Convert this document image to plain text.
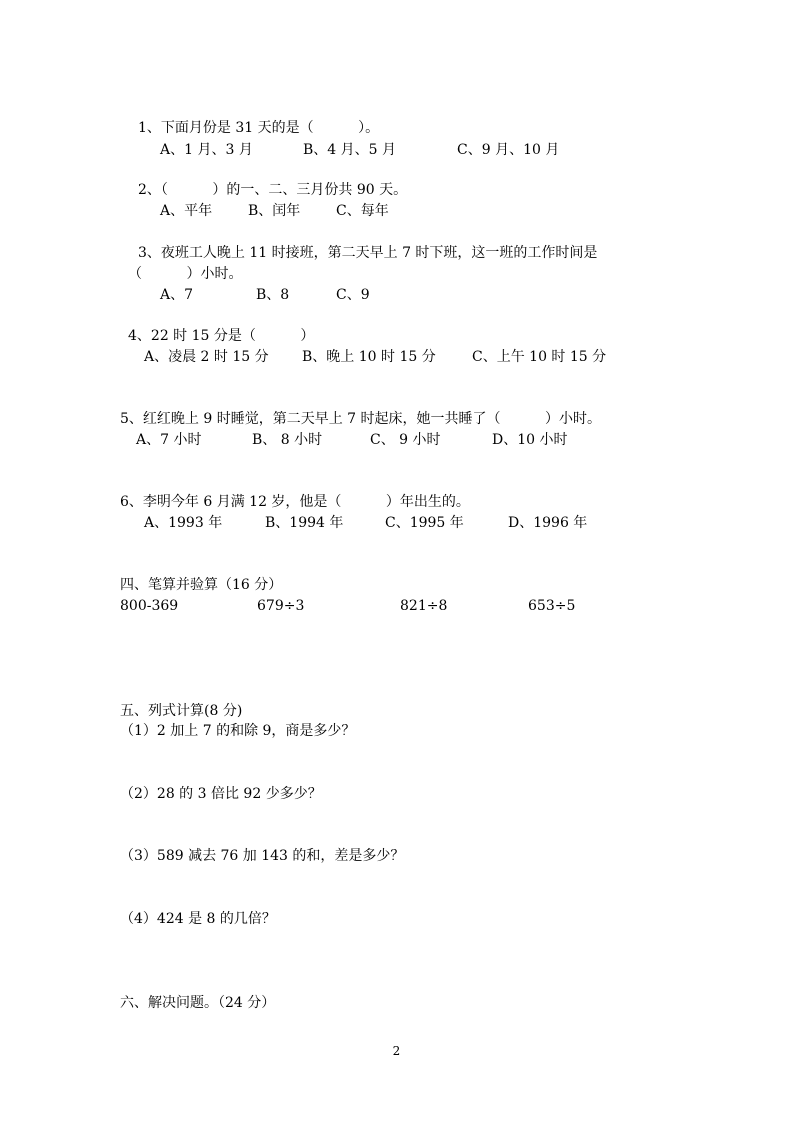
1、下面月份是 31 天的是（          ）。
A、1 月、3 月	B、4 月、5 月	C、9 月、10 月
2、（          ）的一、二、三月份共 90 天。
A、平年	B、闰年	C、每年
3、夜班工人晚上 11 时接班，第二天早上 7 时下班，这一班的工作时间是
（          ）小时。
A、7	B、8	C、9
4、22 时 15 分是（          ）
A、凌晨 2 时 15 分 B、晚上 10 时 15 分	C、上午 10 时 15 分
5、红红晚上 9 时睡觉，第二天早上 7 时起床，她一共睡了（          ）小时。
A、7 小时	B、 8 小时	C、 9 小时	D、10 小时
6、李明今年 6 月满 12 岁，他是（          ）年出生的。
A、1993 年	B、1994 年	C、1995 年	D、1996 年
四、笔算并验算（16 分）
800-369	679÷3	821÷8	653÷5
五、列式计算(8 分)
（1）2 加上 7 的和除 9，商是多少？
（2）28 的 3 倍比 92 少多少？
（3）589 减去 76 加 143 的和，差是多少？
（4）424 是 8 的几倍？
六、解决问题。（24 分）
2
